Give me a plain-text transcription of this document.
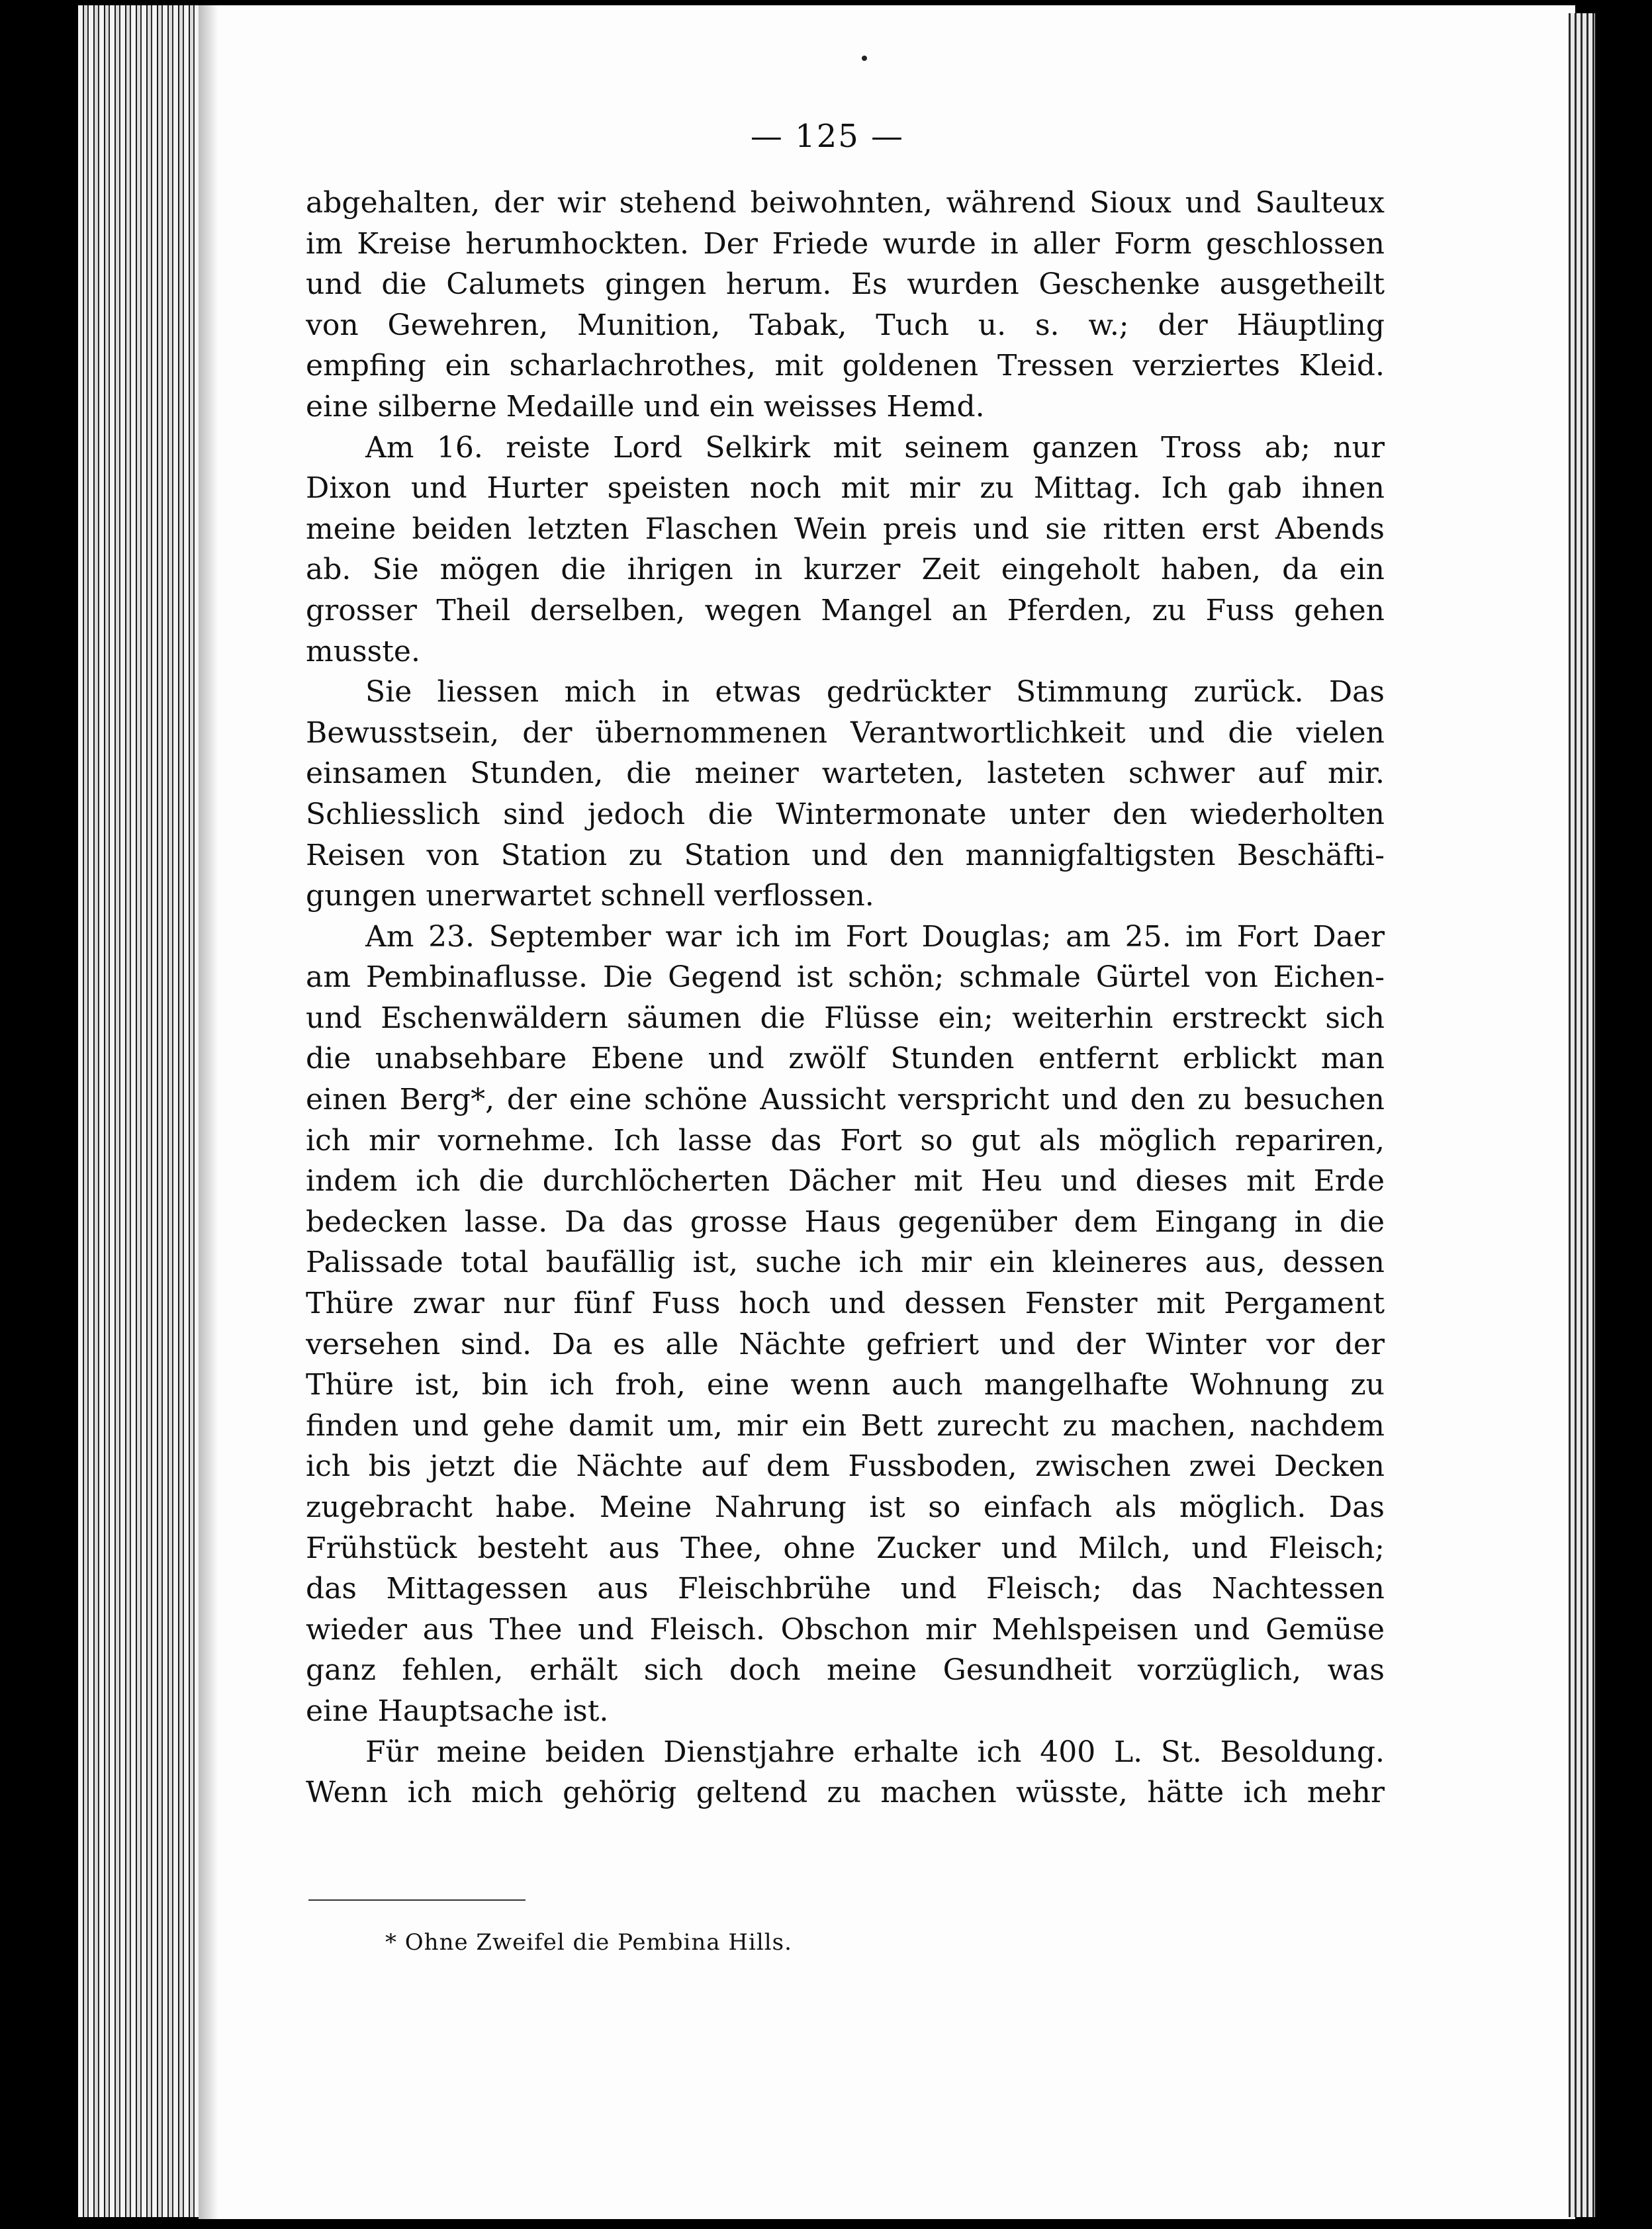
— 125 —
abgehalten, der wir stehend beiwohnten, während Sioux und Saulteux
im Kreise herumhockten. Der Friede wurde in aller Form geschlossen
und die Calumets gingen herum. Es wurden Geschenke ausgetheilt
von Gewehren, Munition, Tabak, Tuch u. s. w.; der Häuptling
empfing ein scharlachrothes, mit goldenen Tressen verziertes Kleid.
eine silberne Medaille und ein weisses Hemd.
Am 16. reiste Lord Selkirk mit seinem ganzen Tross ab; nur
Dixon und Hurter speisten noch mit mir zu Mittag. Ich gab ihnen
meine beiden letzten Flaschen Wein preis und sie ritten erst Abends
ab. Sie mögen die ihrigen in kurzer Zeit eingeholt haben, da ein
grosser Theil derselben, wegen Mangel an Pferden, zu Fuss gehen
musste.
Sie liessen mich in etwas gedrückter Stimmung zurück. Das
Bewusstsein, der übernommenen Verantwortlichkeit und die vielen
einsamen Stunden, die meiner warteten, lasteten schwer auf mir.
Schliesslich sind jedoch die Wintermonate unter den wiederholten
Reisen von Station zu Station und den mannigfaltigsten Beschäfti-
gungen unerwartet schnell verflossen.
Am 23. September war ich im Fort Douglas; am 25. im Fort Daer
am Pembinaflusse. Die Gegend ist schön; schmale Gürtel von Eichen-
und Eschenwäldern säumen die Flüsse ein; weiterhin erstreckt sich
die unabsehbare Ebene und zwölf Stunden entfernt erblickt man
einen Berg*, der eine schöne Aussicht verspricht und den zu besuchen
ich mir vornehme. Ich lasse das Fort so gut als möglich repariren,
indem ich die durchlöcherten Dächer mit Heu und dieses mit Erde
bedecken lasse. Da das grosse Haus gegenüber dem Eingang in die
Palissade total baufällig ist, suche ich mir ein kleineres aus, dessen
Thüre zwar nur fünf Fuss hoch und dessen Fenster mit Pergament
versehen sind. Da es alle Nächte gefriert und der Winter vor der
Thüre ist, bin ich froh, eine wenn auch mangelhafte Wohnung zu
finden und gehe damit um, mir ein Bett zurecht zu machen, nachdem
ich bis jetzt die Nächte auf dem Fussboden, zwischen zwei Decken
zugebracht habe. Meine Nahrung ist so einfach als möglich. Das
Frühstück besteht aus Thee, ohne Zucker und Milch, und Fleisch;
das Mittagessen aus Fleischbrühe und Fleisch; das Nachtessen
wieder aus Thee und Fleisch. Obschon mir Mehlspeisen und Gemüse
ganz fehlen, erhält sich doch meine Gesundheit vorzüglich, was
eine Hauptsache ist.
Für meine beiden Dienstjahre erhalte ich 400 L. St. Besoldung.
Wenn ich mich gehörig geltend zu machen wüsste, hätte ich mehr
* Ohne Zweifel die Pembina Hills.
